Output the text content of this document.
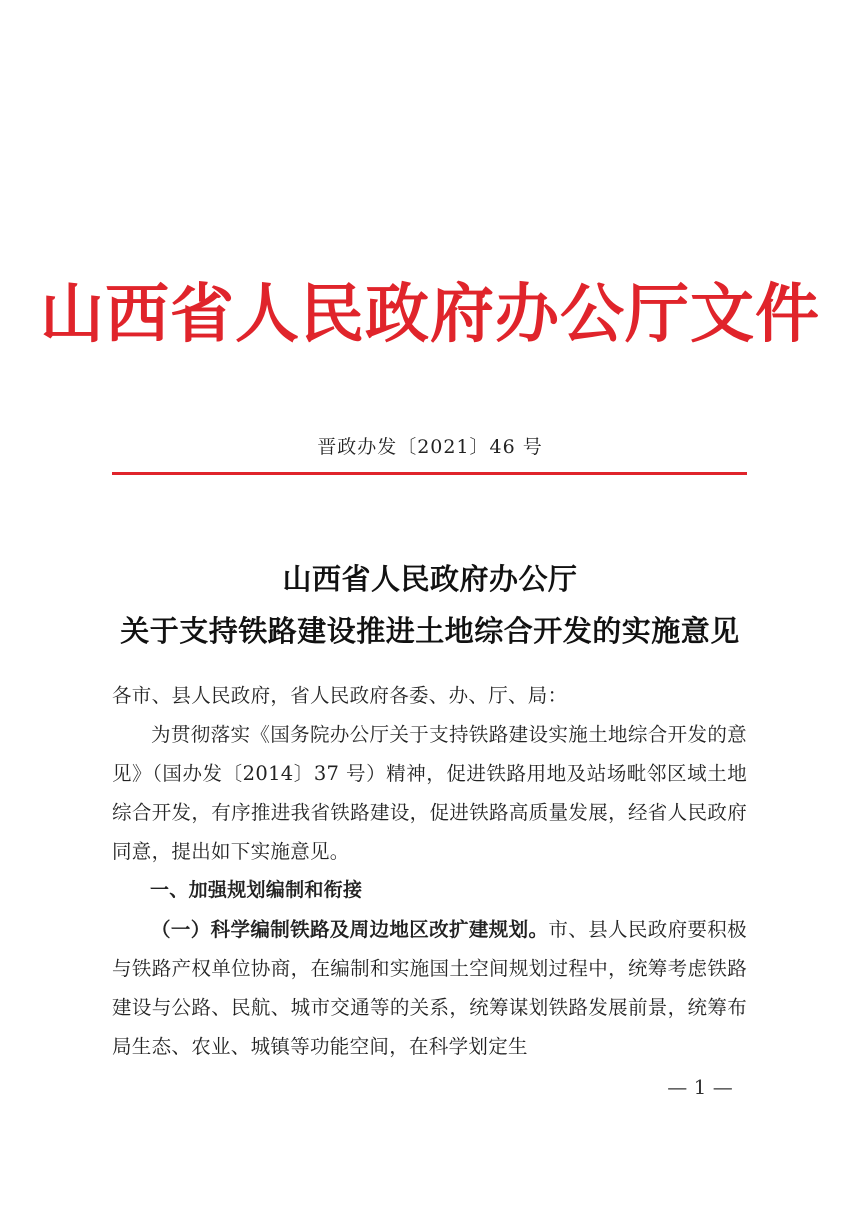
山西省人民政府办公厅文件
晋政办发〔2021〕46 号
山西省人民政府办公厅
关于支持铁路建设推进土地综合开发的实施意见

各市、县人民政府，省人民政府各委、办、厅、局：

为贯彻落实《国务院办公厅关于支持铁路建设实施土地综合开发的意见》（国办发〔2014〕37 号）精神，促进铁路用地及站场毗邻区域土地综合开发，有序推进我省铁路建设，促进铁路高质量发展，经省人民政府同意，提出如下实施意见。

一、加强规划编制和衔接

（一）科学编制铁路及周边地区改扩建规划。市、县人民政府要积极与铁路产权单位协商，在编制和实施国土空间规划过程中，统筹考虑铁路建设与公路、民航、城市交通等的关系，统筹谋划铁路发展前景，统筹布局生态、农业、城镇等功能空间，在科学划定生

— 1 —
